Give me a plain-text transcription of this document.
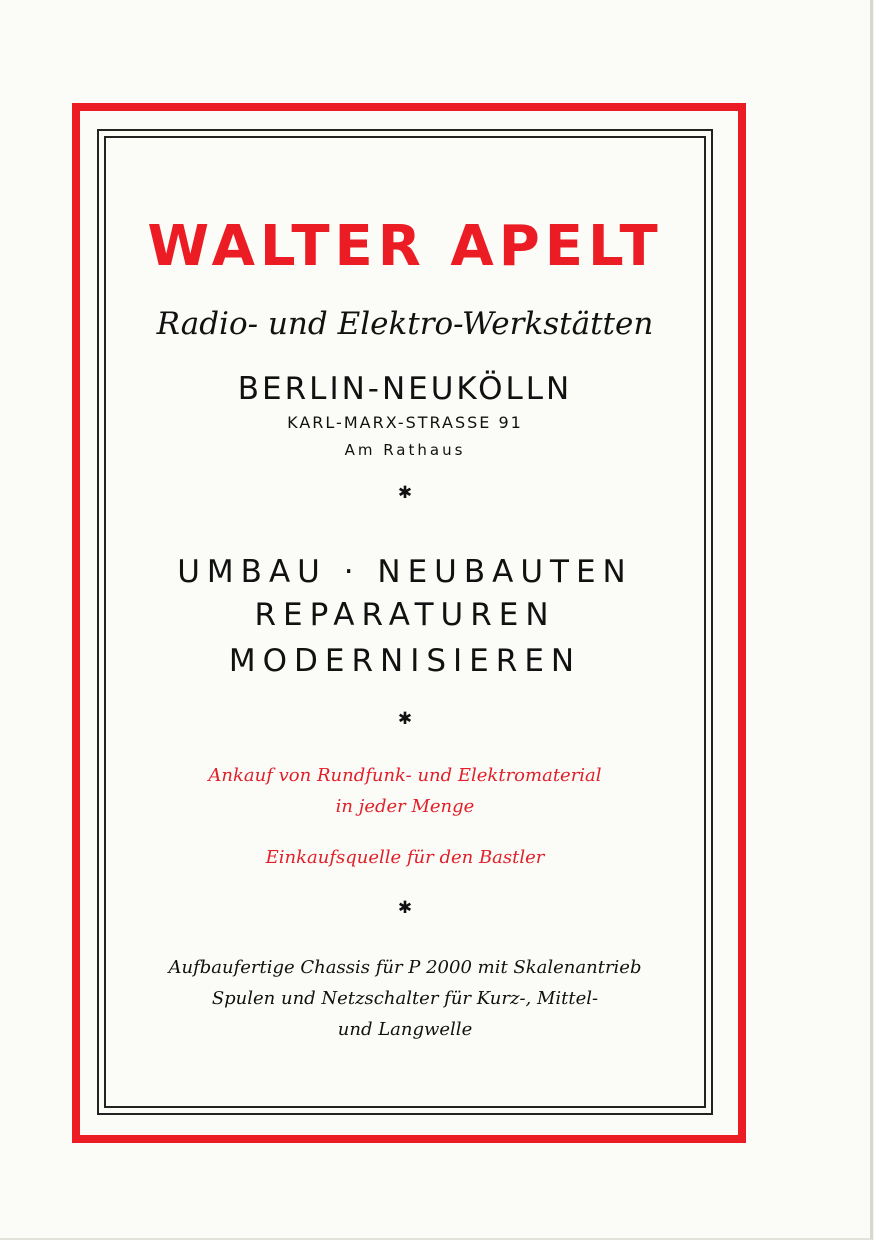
WALTER APELT
Radio- und Elektro-Werkstätten
BERLIN-NEUKÖLLN
KARL-MARX-STRASSE 91
Am Rathaus
✱
UMBAU · NEUBAUTEN
REPARATUREN
MODERNISIEREN
✱
Ankauf von Rundfunk- und Elektromaterial
in jeder Menge
Einkaufsquelle für den Bastler
✱
Aufbaufertige Chassis für P 2000 mit Skalenantrieb
Spulen und Netzschalter für Kurz-, Mittel-
und Langwelle
